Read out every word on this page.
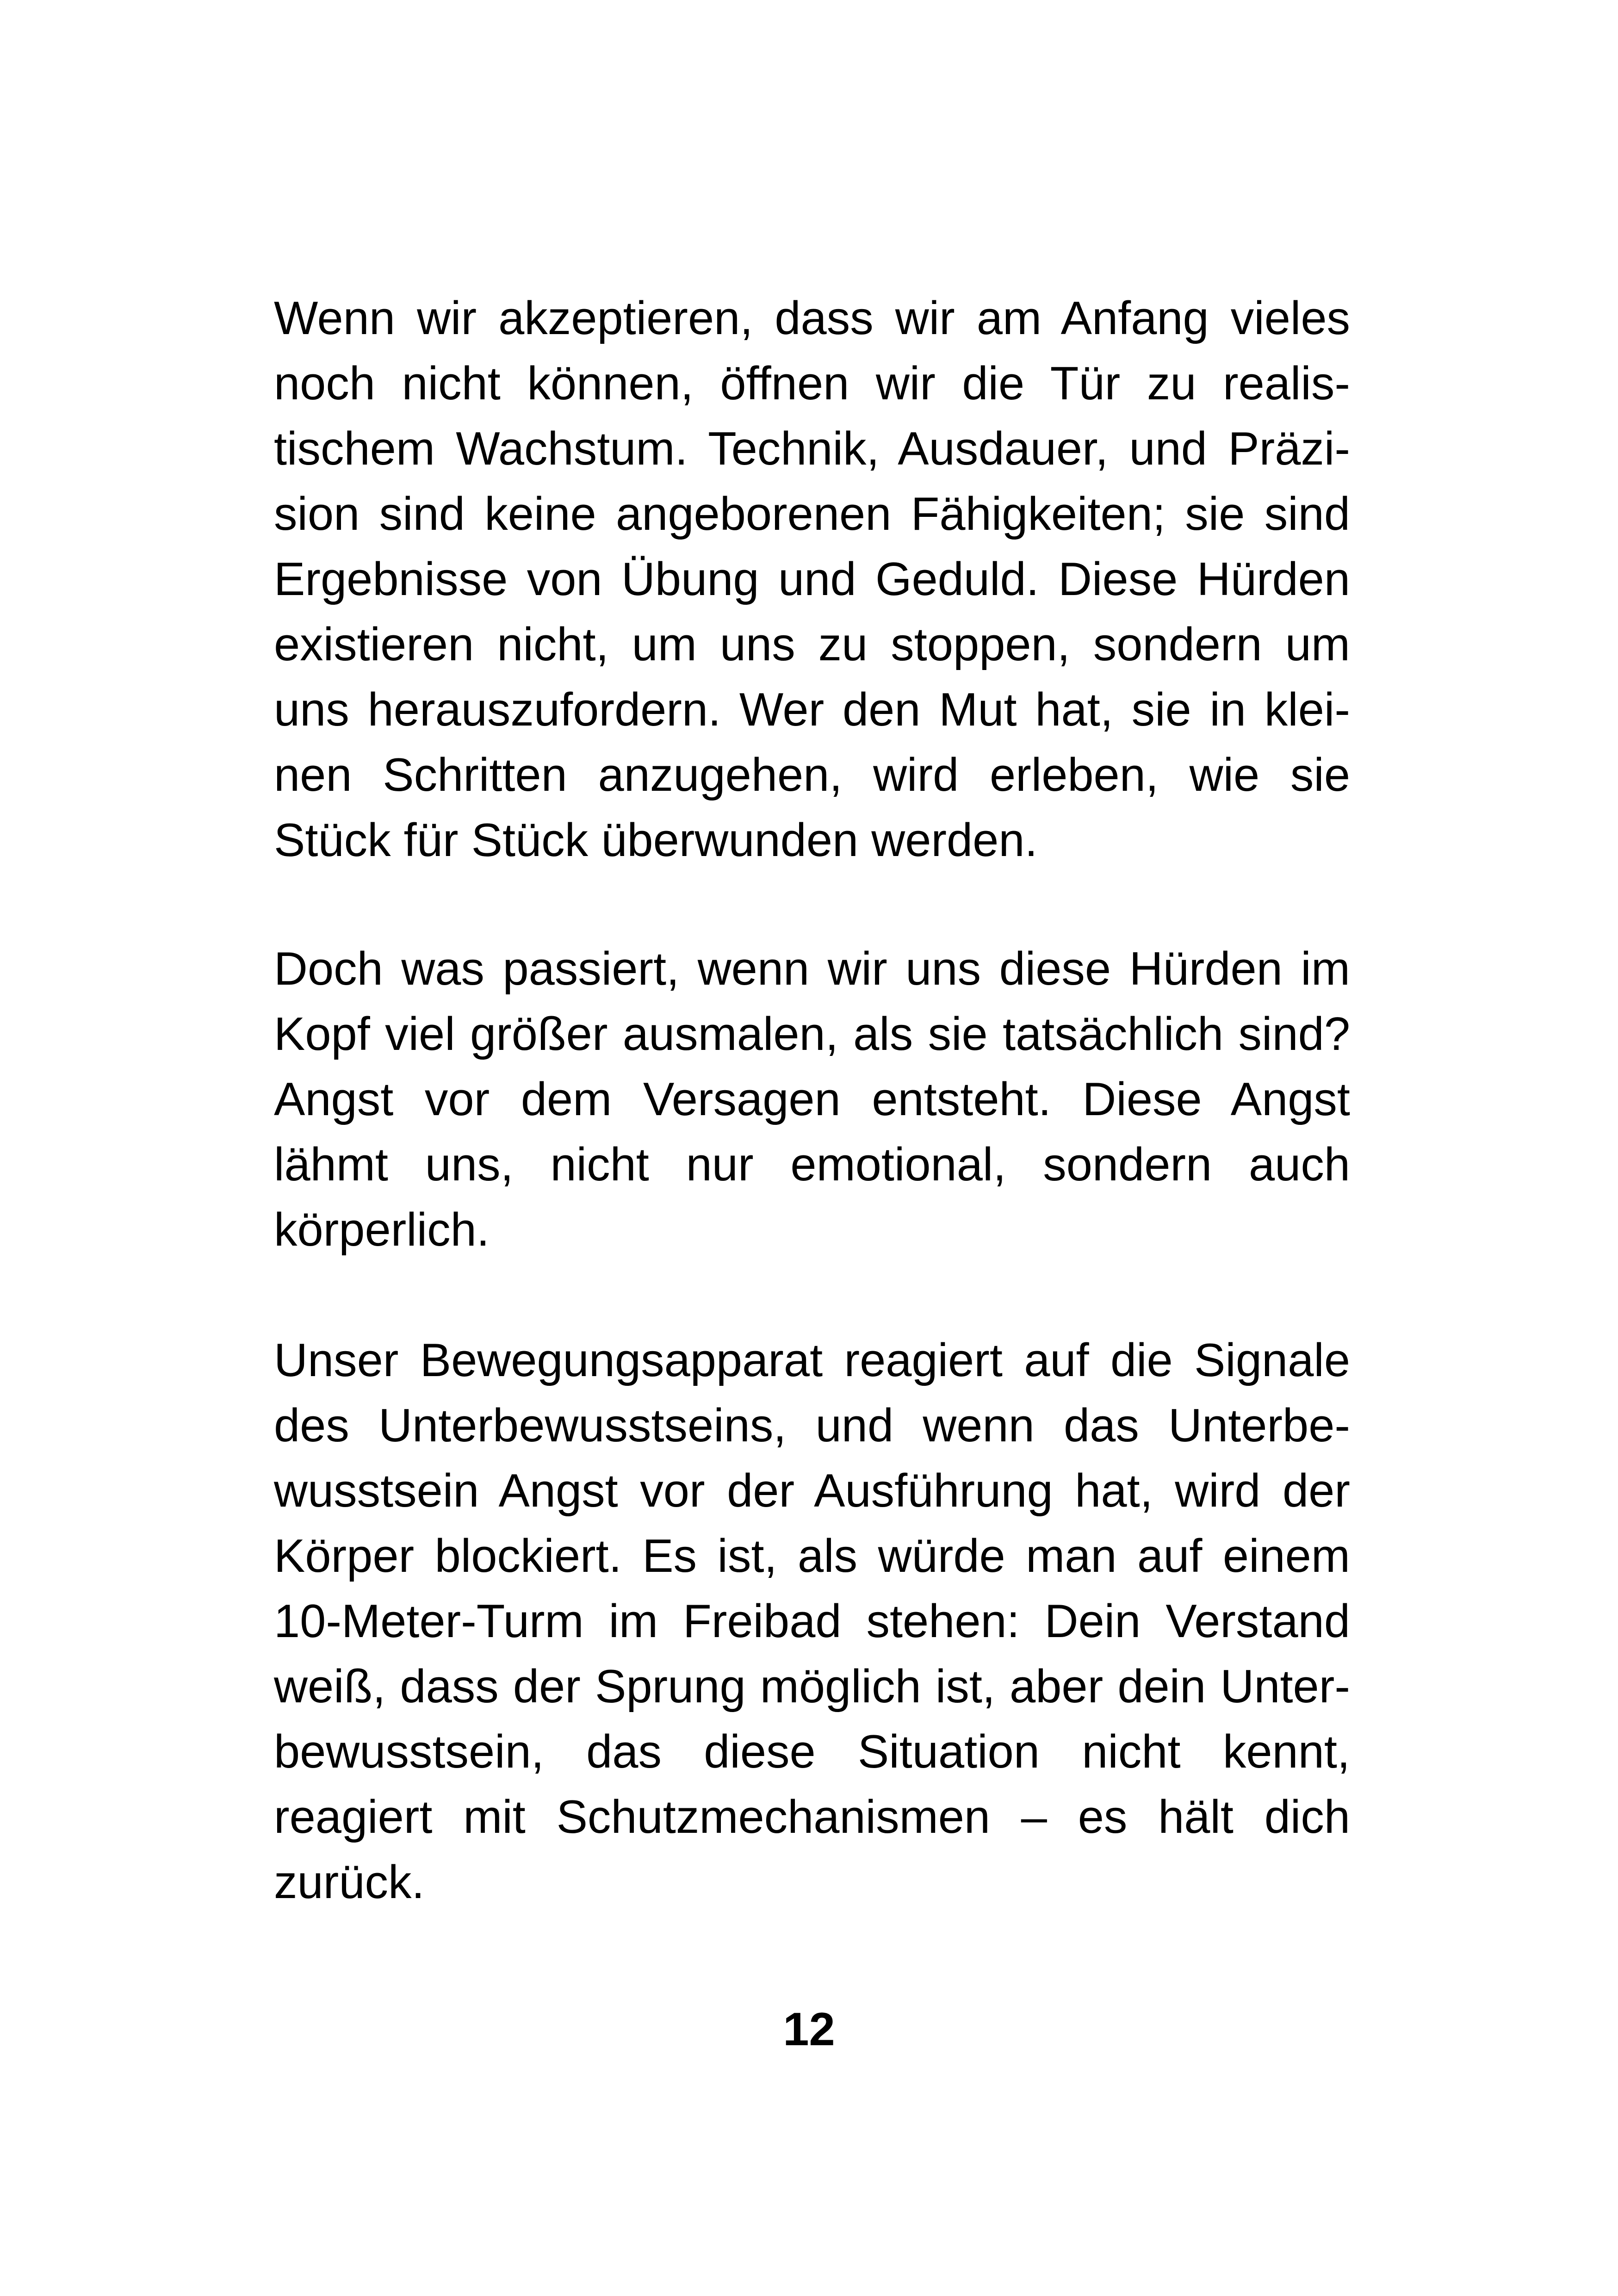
Wenn wir akzeptieren, dass wir am Anfang vieles
noch nicht können, öffnen wir die Tür zu realis-
tischem Wachstum. Technik, Ausdauer, und Präzi-
sion sind keine angeborenen Fähigkeiten; sie sind
Ergebnisse von Übung und Geduld. Diese Hürden
existieren nicht, um uns zu stoppen, sondern um
uns herauszufordern. Wer den Mut hat, sie in klei-
nen Schritten anzugehen, wird erleben, wie sie
Stück für Stück überwunden werden.
Doch was passiert, wenn wir uns diese Hürden im
Kopf viel größer ausmalen, als sie tatsächlich sind?
Angst vor dem Versagen entsteht. Diese Angst
lähmt uns, nicht nur emotional, sondern auch
körperlich.
Unser Bewegungsapparat reagiert auf die Signale
des Unterbewusstseins, und wenn das Unterbe-
wusstsein Angst vor der Ausführung hat, wird der
Körper blockiert. Es ist, als würde man auf einem
10-Meter-Turm im Freibad stehen: Dein Verstand
weiß, dass der Sprung möglich ist, aber dein Unter-
bewusstsein, das diese Situation nicht kennt,
reagiert mit Schutzmechanismen – es hält dich
zurück.
12
